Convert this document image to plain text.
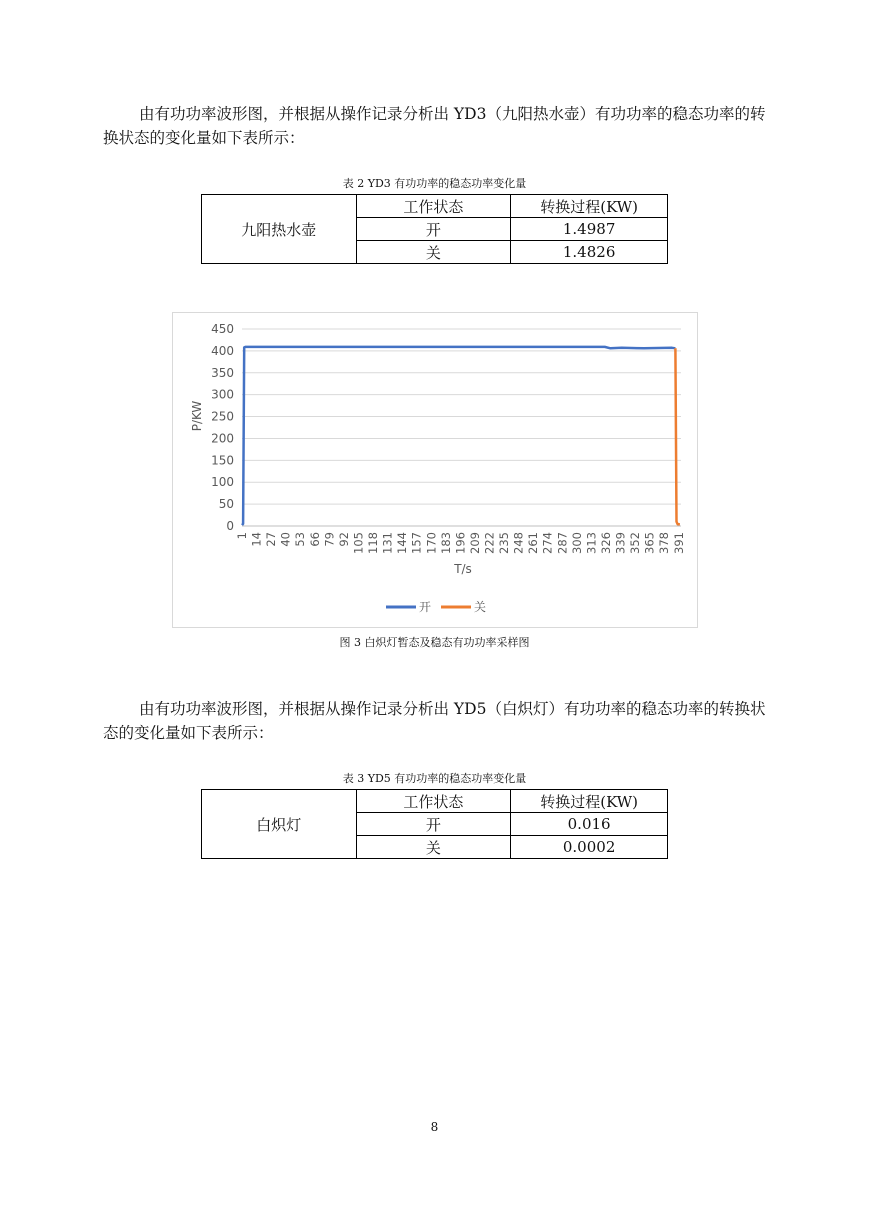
由有功功率波形图，并根据从操作记录分析出 YD3（九阳热水壶）有功功率的稳态功率的转换状态的变化量如下表所示：

表 2 YD3 有功功率的稳态功率变化量
九阳热水壶	工作状态	转换过程(KW)
	开	1.4987
	关	1.4826
0
50
100
150
200
250
300
350
400
450
1 14 27 40 53 66 79 92 105 118 131 144 157 170 183 196 209 222 235 248 261 274 287 300 313 326 339 352 365 378 391
P/KW
T/s
开	关
图 3 白炽灯暂态及稳态有功功率采样图

由有功功率波形图，并根据从操作记录分析出 YD5（白炽灯）有功功率的稳态功率的转换状态的变化量如下表所示：

表 3 YD5 有功功率的稳态功率变化量
白炽灯	工作状态	转换过程(KW)
	开	0.016
	关	0.0002
8
